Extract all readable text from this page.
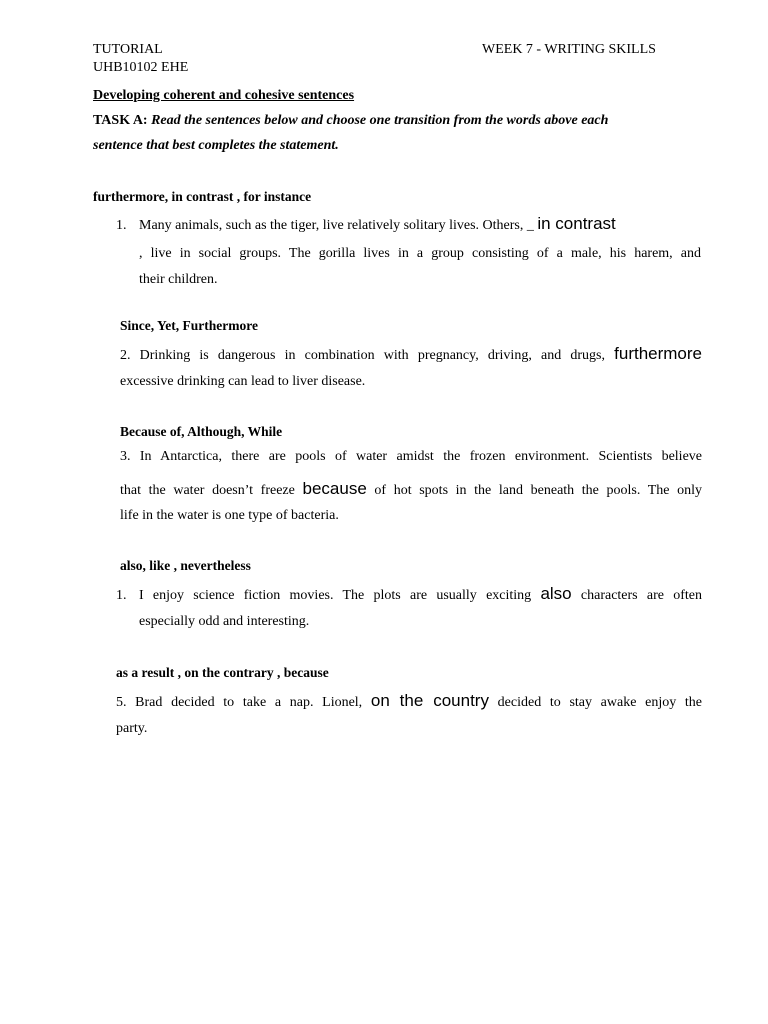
TUTORIAL
UHB10102 EHE
WEEK 7 - WRITING SKILLS
Developing coherent and cohesive sentences
TASK A: Read the sentences below and choose one transition from the words above each
sentence that best completes the statement.
furthermore, in contrast , for instance
1. Many animals, such as the tiger, live relatively solitary lives. Others, _ in contrast
, live in social groups. The gorilla lives in a group consisting of a male, his harem, and
their children.
Since, Yet, Furthermore
2. Drinking is dangerous in combination with pregnancy, driving, and drugs, furthermore
excessive drinking can lead to liver disease.
Because of, Although, While
3. In Antarctica, there are pools of water amidst the frozen environment. Scientists believe
that the water doesn’t freeze because of hot spots in the land beneath the pools. The only
life in the water is one type of bacteria.
also, like , nevertheless
1. I enjoy science fiction movies. The plots are usually exciting also characters are often
especially odd and interesting.
as a result , on the contrary , because
5. Brad decided to take a nap. Lionel, on the country decided to stay awake enjoy the
party.
